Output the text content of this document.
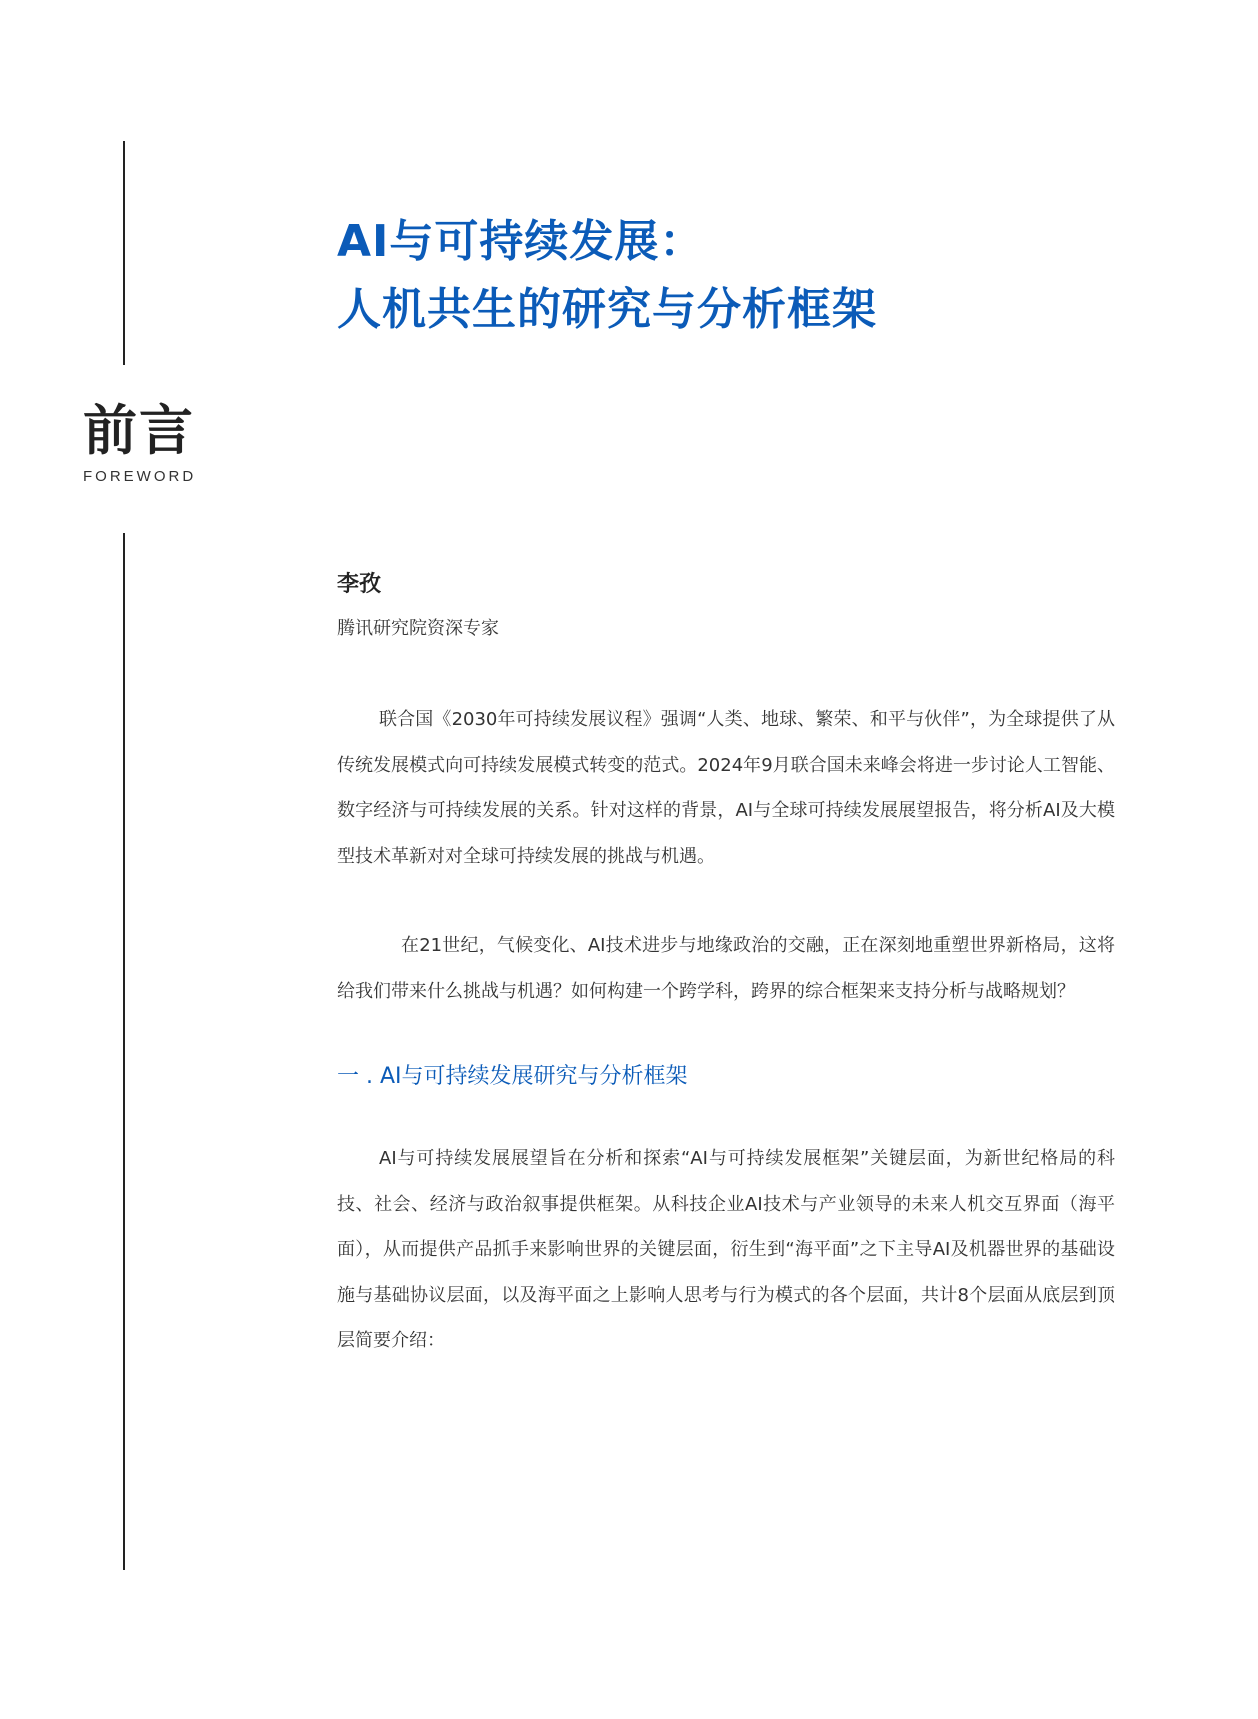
前言
FOREWORD
AI与可持续发展：
人机共生的研究与分析框架
李孜
腾讯研究院资深专家

联合国《2030年可持续发展议程》强调“人类、地球、繁荣、和平与伙伴”，为全球提供了从传统发展模式向可持续发展模式转变的范式。2024年9月联合国未来峰会将进一步讨论人工智能、数字经济与可持续发展的关系。针对这样的背景，AI与全球可持续发展展望报告，将分析AI及大模型技术革新对对全球可持续发展的挑战与机遇。

在21世纪，气候变化、AI技术进步与地缘政治的交融，正在深刻地重塑世界新格局，这将给我们带来什么挑战与机遇？如何构建一个跨学科，跨界的综合框架来支持分析与战略规划？

一 . AI与可持续发展研究与分析框架

AI与可持续发展展望旨在分析和探索“AI与可持续发展框架”关键层面，为新世纪格局的科技、社会、经济与政治叙事提供框架。从科技企业AI技术与产业领导的未来人机交互界面（海平面），从而提供产品抓手来影响世界的关键层面，衍生到“海平面”之下主导AI及机器世界的基础设施与基础协议层面，以及海平面之上影响人思考与行为模式的各个层面，共计8个层面从底层到顶层简要介绍：
